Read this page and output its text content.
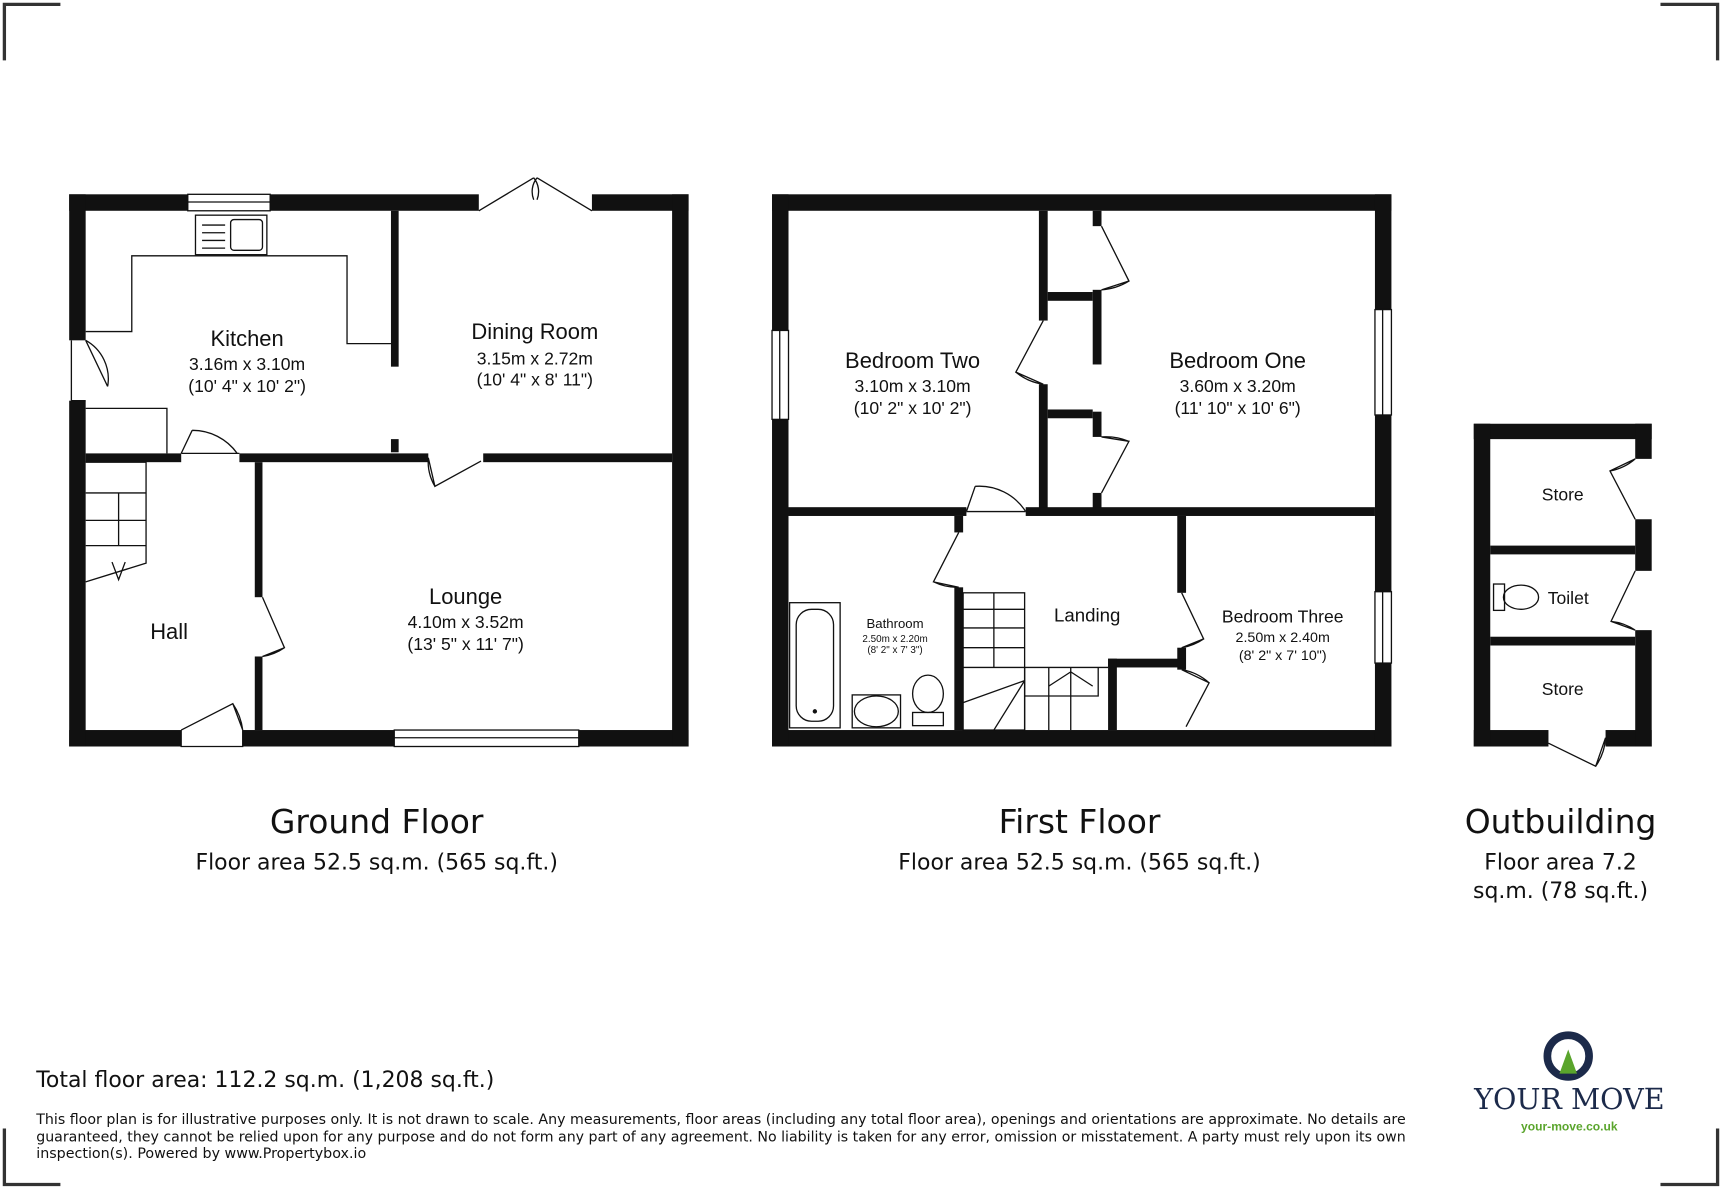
Kitchen
3.16m x 3.10m
(10' 4" x 10' 2")
Dining Room
3.15m x 2.72m
(10' 4" x 8' 11")
Lounge
4.10m x 3.52m
(13' 5" x 11' 7")
Hall
Bedroom Two
3.10m x 3.10m
(10' 2" x 10' 2")
Bedroom One
3.60m x 3.20m
(11' 10" x 10' 6")
Bathroom
2.50m x 2.20m
(8' 2" x 7' 3")
Landing	Bedroom Three
2.50m x 2.40m
(8' 2" x 7' 10")
Store
Toilet
Store
Ground Floor
Floor area 52.5 sq.m. (565 sq.ft.)
First Floor
Floor area 52.5 sq.m. (565 sq.ft.)
Outbuilding
Floor area 7.2
sq.m. (78 sq.ft.)
Total floor area: 112.2 sq.m. (1,208 sq.ft.)
This floor plan is for illustrative purposes only. It is not drawn to scale. Any measurements, floor areas (including any total floor area), openings and orientations are approximate. No details are
guaranteed, they cannot be relied upon for any purpose and do not form any part of any agreement. No liability is taken for any error, omission or misstatement. A party must rely upon its own
inspection(s). Powered by www.Propertybox.io
YOUR MOVE
your-move.co.uk
